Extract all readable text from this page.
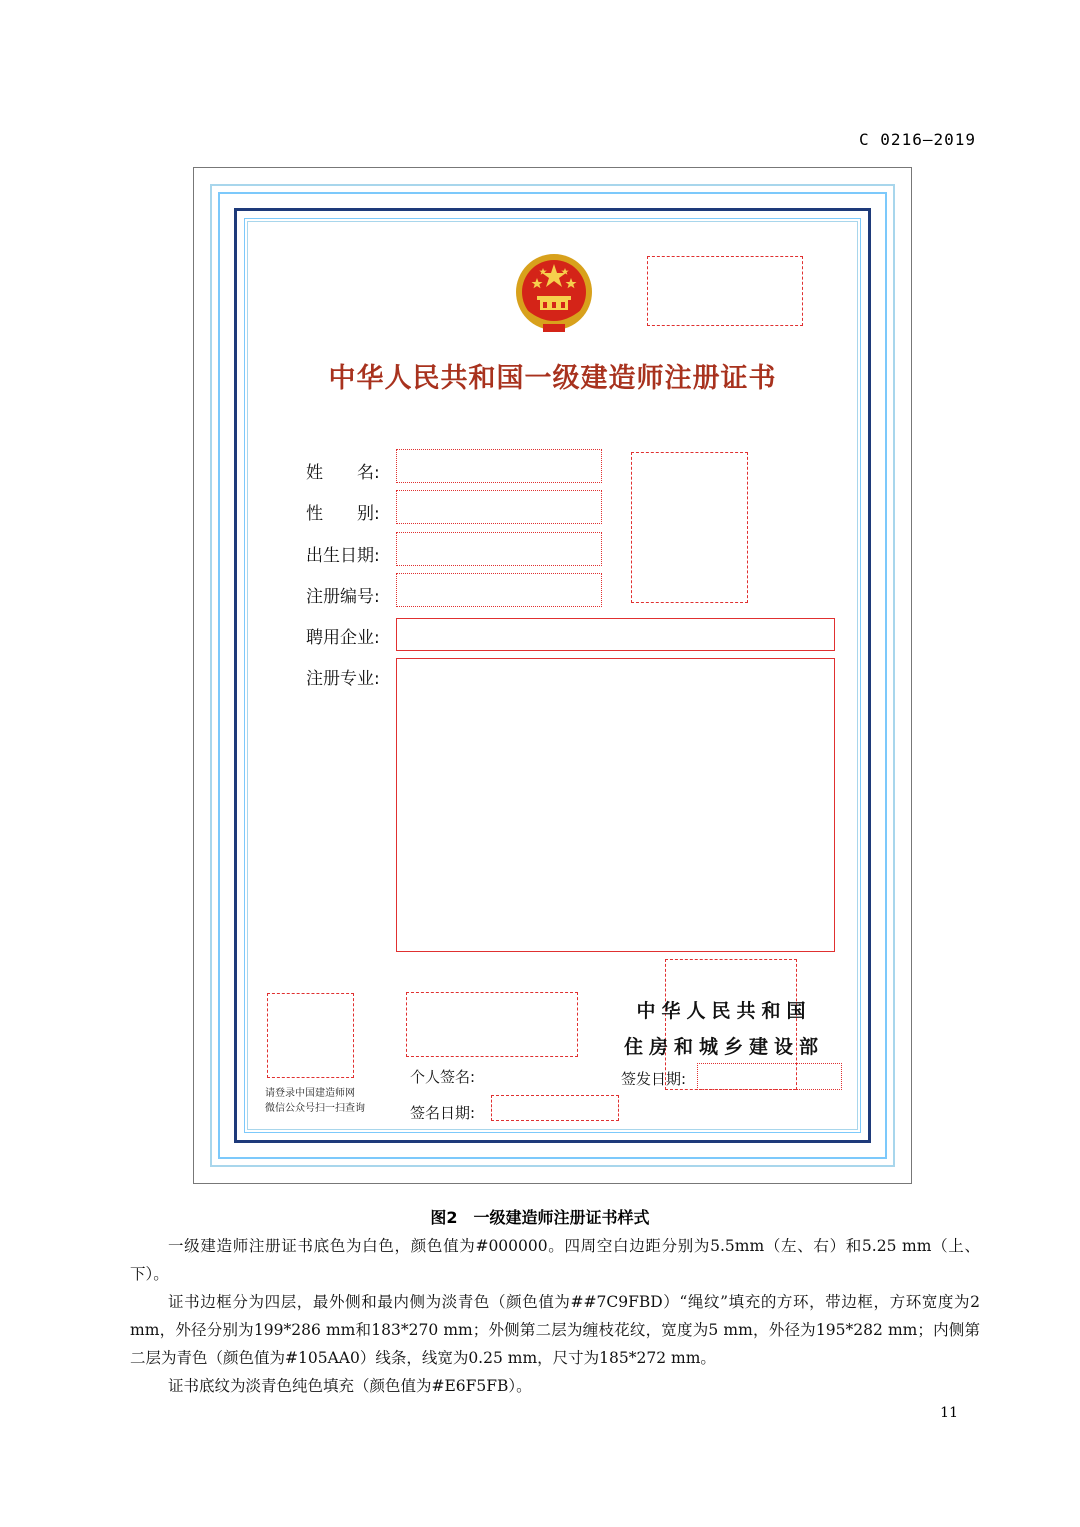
C 0216—2019
中华人民共和国一级建造师注册证书
姓　　名:
性　　别:
出生日期:
注册编号:
聘用企业:
注册专业:
请登录中国建造师网
微信公众号扫一扫查询
个人签名:
签名日期:
中华人民共和国
住房和城乡建设部
签发日期:
图2　一级建造师注册证书样式

一级建造师注册证书底色为白色，颜色值为#000000。四周空白边距分别为5.5mm（左、右）和5.25 mm（上、下）。

证书边框分为四层，最外侧和最内侧为淡青色（颜色值为##7C9FBD）“绳纹”填充的方环，带边框，方环宽度为2 mm，外径分别为199*286 mm和183*270 mm；外侧第二层为缠枝花纹，宽度为5 mm，外径为195*282 mm；内侧第二层为青色（颜色值为#105AA0）线条，线宽为0.25 mm，尺寸为185*272 mm。

证书底纹为淡青色纯色填充（颜色值为#E6F5FB）。

11
